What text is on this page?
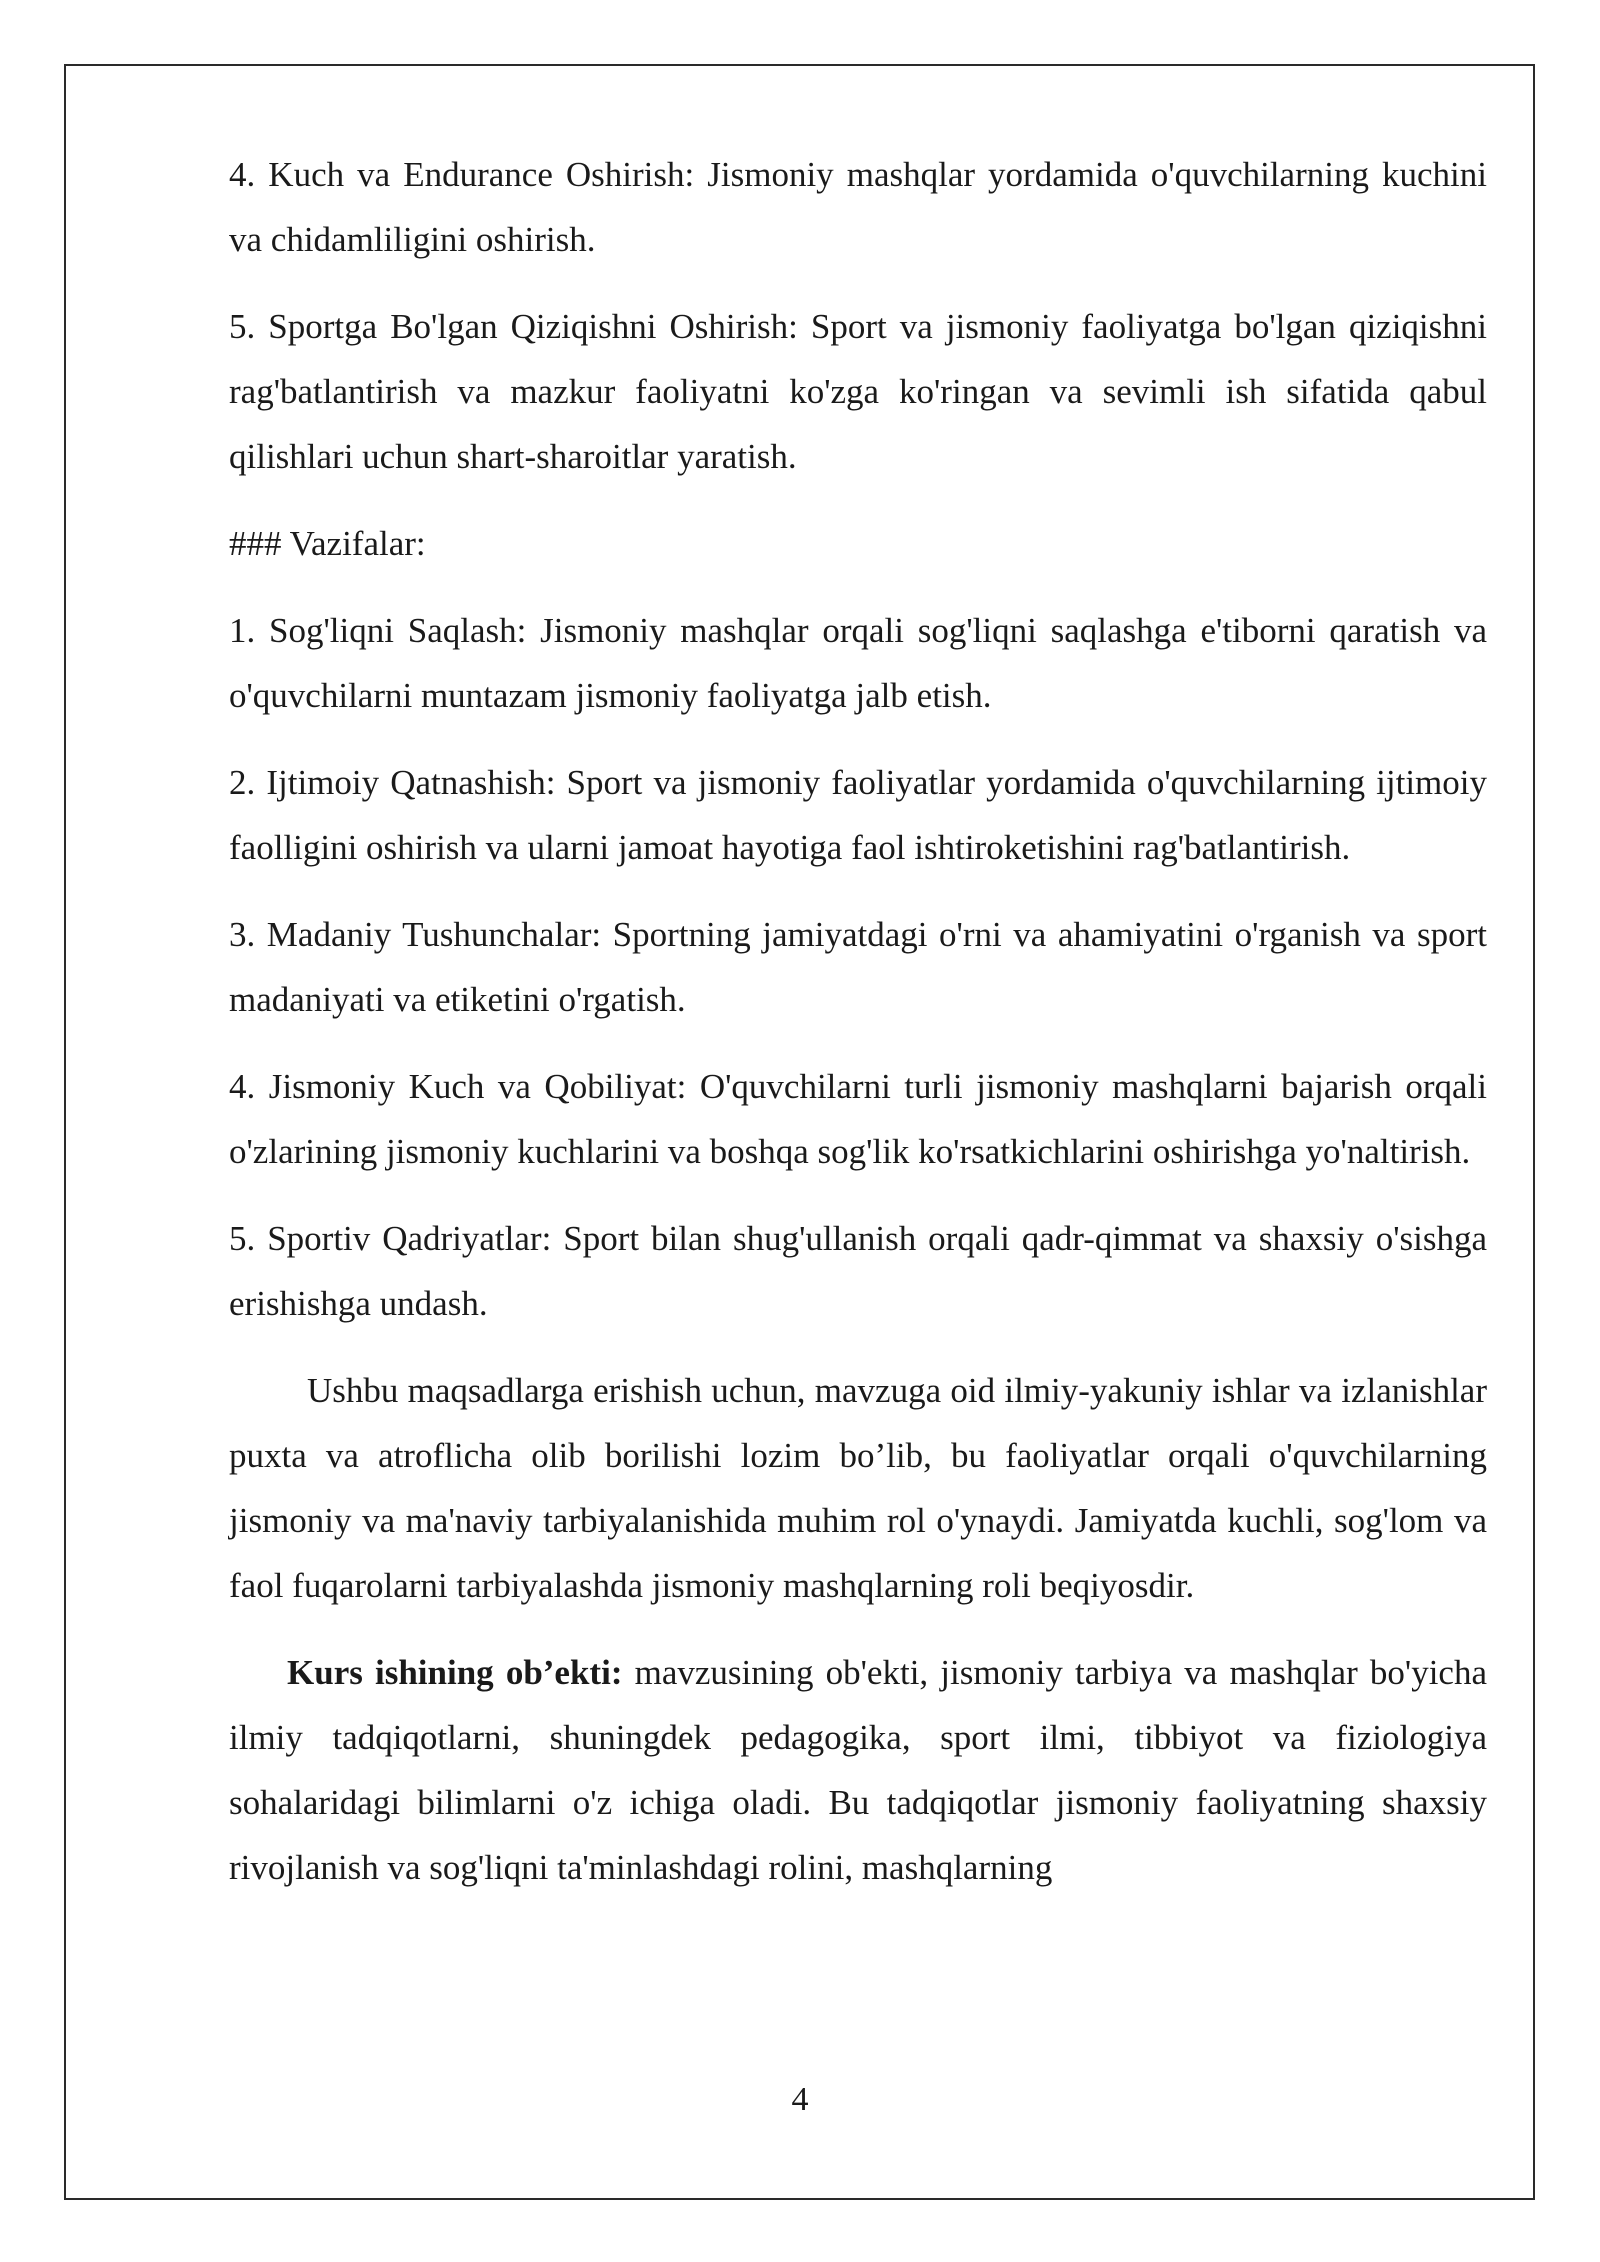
4. Kuch va Endurance Oshirish: Jismoniy mashqlar yordamida o'quvchilarning kuchini va chidamliligini oshirish.

5. Sportga Bo'lgan Qiziqishni Oshirish: Sport va jismoniy faoliyatga bo'lgan qiziqishni rag'batlantirish va mazkur faoliyatni ko'zga ko'ringan va sevimli ish sifatida qabul qilishlari uchun shart-sharoitlar yaratish.

### Vazifalar:

1. Sog'liqni Saqlash: Jismoniy mashqlar orqali sog'liqni saqlashga e'tiborni qaratish va o'quvchilarni muntazam jismoniy faoliyatga jalb etish.

2. Ijtimoiy Qatnashish: Sport va jismoniy faoliyatlar yordamida o'quvchilarning ijtimoiy faolligini oshirish va ularni jamoat hayotiga faol ishtiroketishini rag'batlantirish.

3. Madaniy Tushunchalar: Sportning jamiyatdagi o'rni va ahamiyatini o'rganish va sport madaniyati va etiketini o'rgatish.

4. Jismoniy Kuch va Qobiliyat: O'quvchilarni turli jismoniy mashqlarni bajarish orqali o'zlarining jismoniy kuchlarini va boshqa sog'lik ko'rsatkichlarini oshirishga yo'naltirish.

5. Sportiv Qadriyatlar: Sport bilan shug'ullanish orqali qadr-qimmat va shaxsiy o'sishga erishishga undash.

Ushbu maqsadlarga erishish uchun, mavzuga oid ilmiy-yakuniy ishlar va izlanishlar puxta va atroflicha olib borilishi lozim bo’lib, bu faoliyatlar orqali o'quvchilarning jismoniy va ma'naviy tarbiyalanishida muhim rol o'ynaydi. Jamiyatda kuchli, sog'lom va faol fuqarolarni tarbiyalashda jismoniy mashqlarning roli beqiyosdir.

Kurs ishining ob’ekti: mavzusining ob'ekti, jismoniy tarbiya va mashqlar bo'yicha ilmiy tadqiqotlarni, shuningdek pedagogika, sport ilmi, tibbiyot va fiziologiya sohalaridagi bilimlarni o'z ichiga oladi. Bu tadqiqotlar jismoniy faoliyatning shaxsiy rivojlanish va sog'liqni ta'minlashdagi rolini, mashqlarning

4
